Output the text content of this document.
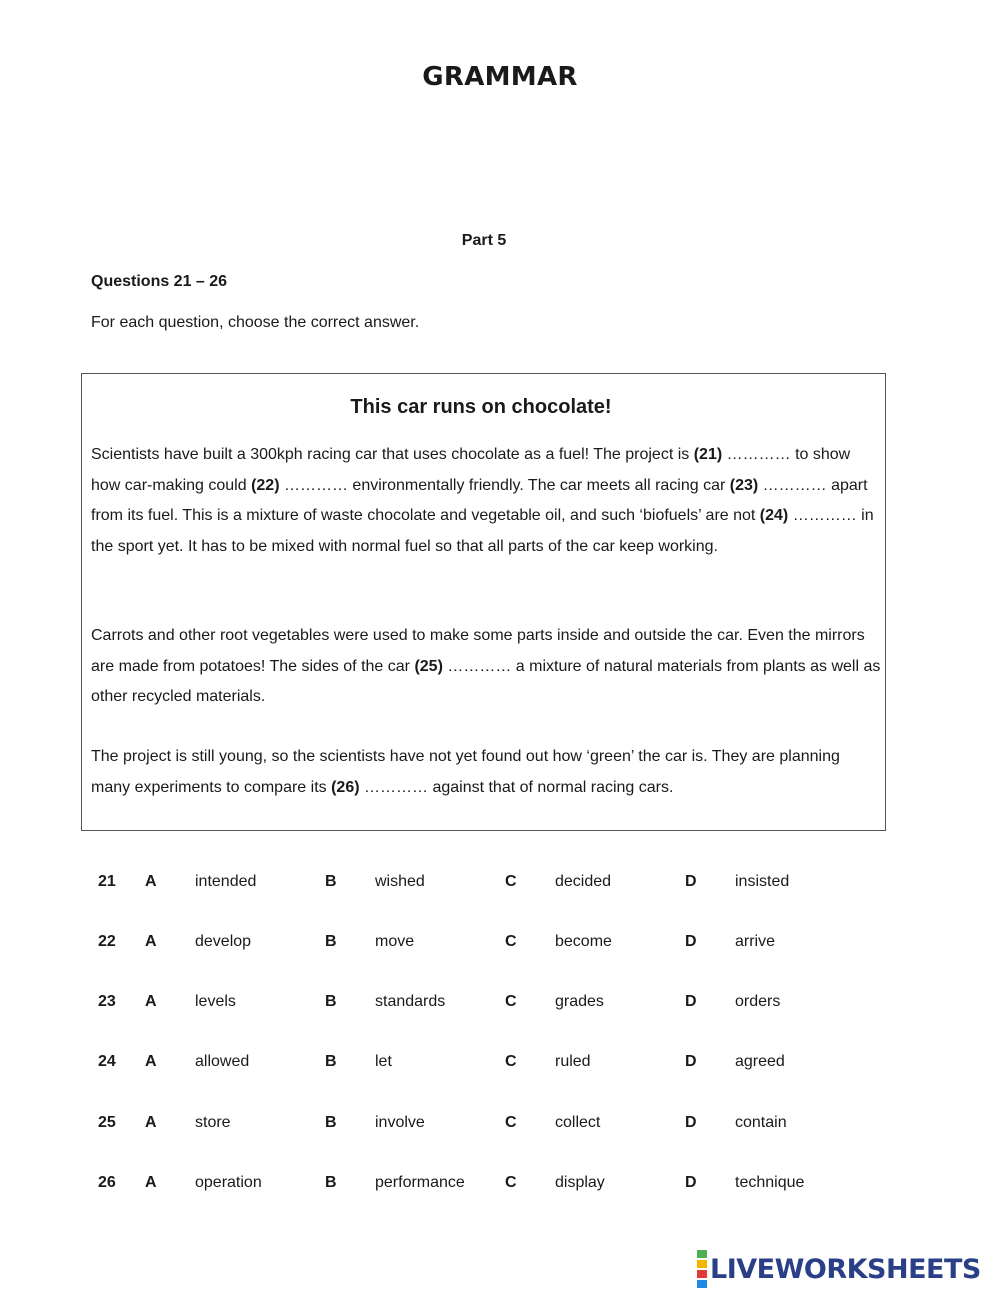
GRAMMAR
Part 5
Questions 21 – 26
For each question, choose the correct answer.
This car runs on chocolate!

Scientists have built a 300kph racing car that uses chocolate as a fuel! The project is (21) ………… to show how car-making could (22) ………… environmentally friendly. The car meets all racing car (23) ………… apart from its fuel. This is a mixture of waste chocolate and vegetable oil, and such ‘biofuels’ are not (24) ………… in the sport yet. It has to be mixed with normal fuel so that all parts of the car keep working.

Carrots and other root vegetables were used to make some parts inside and outside the car. Even the mirrors are made from potatoes! The sides of the car (25) ………… a mixture of natural materials from plants as well as other recycled materials.

The project is still young, so the scientists have not yet found out how ‘green’ the car is. They are planning many experiments to compare its (26) ………… against that of normal racing cars.

21 A intended	B wished	C decided	D insisted
22 A develop	B move	C become	D arrive
23 A levels	B standards	C grades	D orders
24 A allowed	B let	C ruled	D agreed
25 A store	B involve	C collect	D contain
26 A operation	B performance	C display	D technique
LIVEWORKSHEETS
